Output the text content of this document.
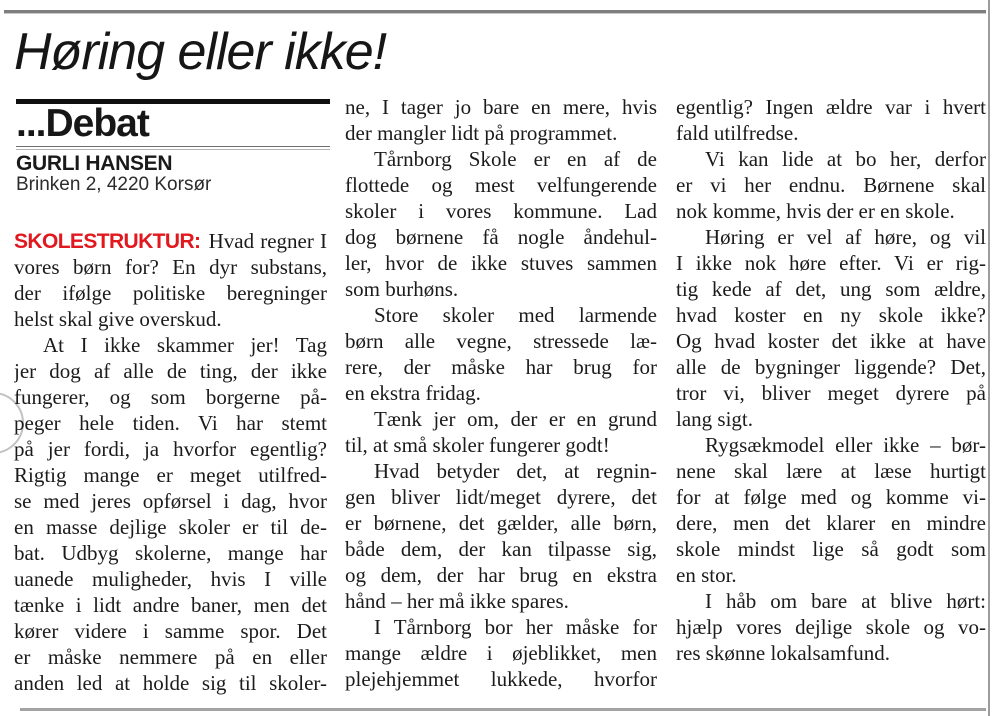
Høring eller ikke!
...Debat
GURLI HANSEN
Brinken 2, 4220 Korsør
SKOLESTRUKTUR: Hvad regner I
vores børn for? En dyr substans,
der ifølge politiske beregninger
helst skal give overskud.
At I ikke skammer jer! Tag
jer dog af alle de ting, der ikke
fungerer, og som borgerne på-
peger hele tiden. Vi har stemt
på jer fordi, ja hvorfor egentlig?
Rigtig mange er meget utilfred-
se med jeres opførsel i dag, hvor
en masse dejlige skoler er til de-
bat. Udbyg skolerne, mange har
uanede muligheder, hvis I ville
tænke i lidt andre baner, men det
kører videre i samme spor. Det
er måske nemmere på en eller
anden led at holde sig til skoler-
ne, I tager jo bare en mere, hvis
der mangler lidt på programmet.
Tårnborg Skole er en af de
flottede og mest velfungerende
skoler i vores kommune. Lad
dog børnene få nogle åndehul-
ler, hvor de ikke stuves sammen
som burhøns.
Store skoler med larmende
børn alle vegne, stressede læ-
rere, der måske har brug for
en ekstra fridag.
Tænk jer om, der er en grund
til, at små skoler fungerer godt!
Hvad betyder det, at regnin-
gen bliver lidt/meget dyrere, det
er børnene, det gælder, alle børn,
både dem, der kan tilpasse sig,
og dem, der har brug en ekstra
hånd – her må ikke spares.
I Tårnborg bor her måske for
mange ældre i øjeblikket, men
plejehjemmet lukkede, hvorfor
egentlig? Ingen ældre var i hvert
fald utilfredse.
Vi kan lide at bo her, derfor
er vi her endnu. Børnene skal
nok komme, hvis der er en skole.
Høring er vel af høre, og vil
I ikke nok høre efter. Vi er rig-
tig kede af det, ung som ældre,
hvad koster en ny skole ikke?
Og hvad koster det ikke at have
alle de bygninger liggende? Det,
tror vi, bliver meget dyrere på
lang sigt.
Rygsækmodel eller ikke – bør-
nene skal lære at læse hurtigt
for at følge med og komme vi-
dere, men det klarer en mindre
skole mindst lige så godt som
en stor.
I håb om bare at blive hørt:
hjælp vores dejlige skole og vo-
res skønne lokalsamfund.
